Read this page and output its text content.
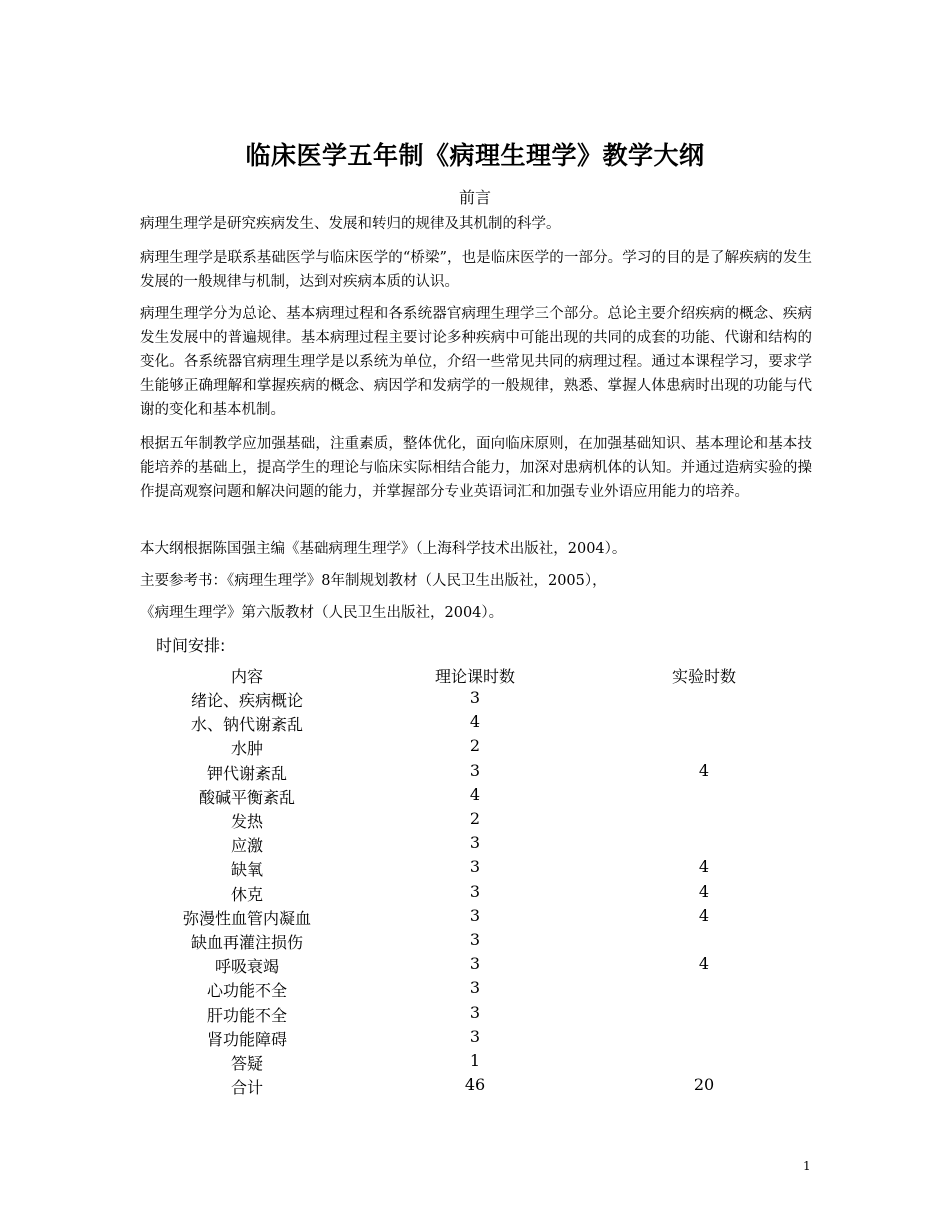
临床医学五年制《病理生理学》教学大纲
前言
病理生理学是研究疾病发生、发展和转归的规律及其机制的科学。
病理生理学是联系基础医学与临床医学的“桥梁”，也是临床医学的一部分。学习的目的是了解疾病的发生发展的一般规律与机制，达到对疾病本质的认识。
病理生理学分为总论、基本病理过程和各系统器官病理生理学三个部分。总论主要介绍疾病的概念、疾病发生发展中的普遍规律。基本病理过程主要讨论多种疾病中可能出现的共同的成套的功能、代谢和结构的变化。各系统器官病理生理学是以系统为单位，介绍一些常见共同的病理过程。通过本课程学习，要求学生能够正确理解和掌握疾病的概念、病因学和发病学的一般规律，熟悉、掌握人体患病时出现的功能与代谢的变化和基本机制。
根据五年制教学应加强基础，注重素质，整体优化，面向临床原则，在加强基础知识、基本理论和基本技能培养的基础上，提高学生的理论与临床实际相结合能力，加深对患病机体的认知。并通过造病实验的操作提高观察问题和解决问题的能力，并掌握部分专业英语词汇和加强专业外语应用能力的培养。
本大纲根据陈国强主编《基础病理生理学》（上海科学技术出版社，2004）。
主要参考书：《病理生理学》8年制规划教材（人民卫生出版社，2005），
《病理生理学》第六版教材（人民卫生出版社，2004）。
时间安排:
内容	理论课时数	实验时数
绪论、疾病概论	3
水、钠代谢紊乱	4
水肿	2
钾代谢紊乱	3	4
酸碱平衡紊乱	4
发热	2
应激	3
缺氧	3	4
休克	3	4
弥漫性血管内凝血	3	4
缺血再灌注损伤	3
呼吸衰竭	3	4
心功能不全	3
肝功能不全	3
肾功能障碍	3
答疑	1
合计	46	20
1
